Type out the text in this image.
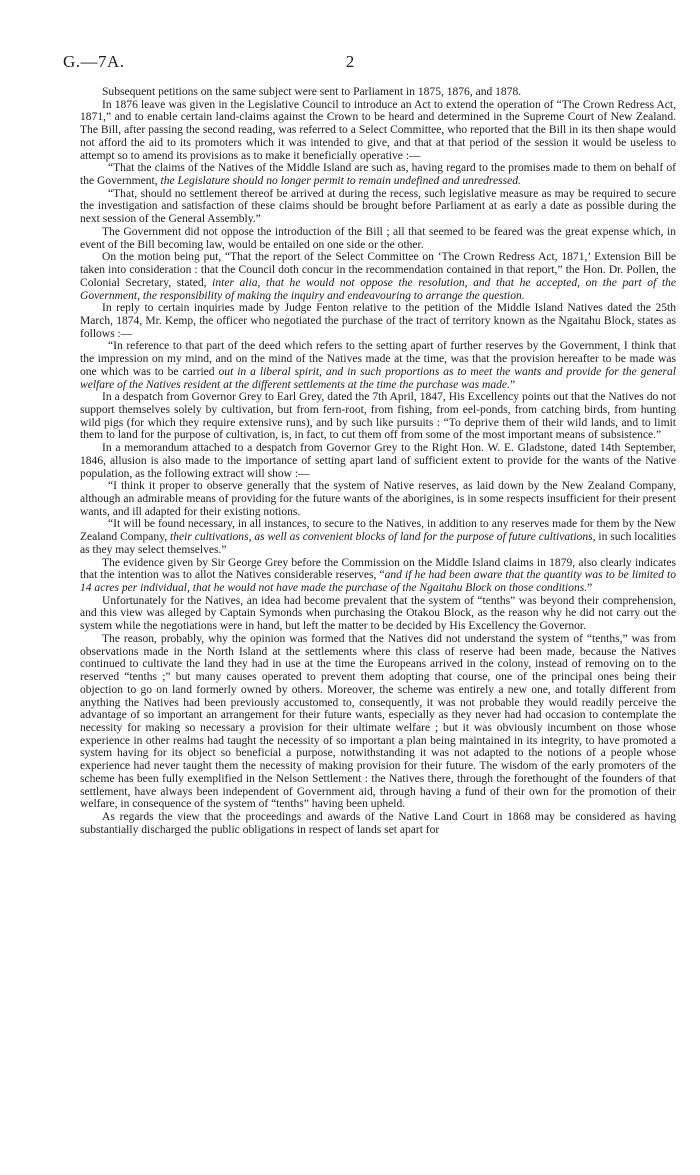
G.—7A.	2

Subsequent petitions on the same subject were sent to Parliament in 1875, 1876, and 1878.

In 1876 leave was given in the Legislative Council to introduce an Act to extend the operation of “The Crown Redress Act, 1871,” and to enable certain land-claims against the Crown to be heard and determined in the Supreme Court of New Zealand. The Bill, after passing the second reading, was referred to a Select Committee, who reported that the Bill in its then shape would not afford the aid to its promoters which it was intended to give, and that at that period of the session it would be useless to attempt so to amend its provisions as to make it beneficially operative :—

“That the claims of the Natives of the Middle Island are such as, having regard to the promises made to them on behalf of the Government, the Legislature should no longer permit to remain undefined and unredressed.

“That, should no settlement thereof be arrived at during the recess, such legislative measure as may be required to secure the investigation and satisfaction of these claims should be brought before Parliament at as early a date as possible during the next session of the General Assembly.”

The Government did not oppose the introduction of the Bill ; all that seemed to be feared was the great expense which, in event of the Bill becoming law, would be entailed on one side or the other.

On the motion being put, “That the report of the Select Committee on ‘The Crown Redress Act, 1871,’ Extension Bill be taken into consideration : that the Council doth concur in the recommendation contained in that report,” the Hon. Dr. Pollen, the Colonial Secretary, stated, inter alia, that he would not oppose the resolution, and that he accepted, on the part of the Government, the responsibility of making the inquiry and endeavouring to arrange the question.

In reply to certain inquiries made by Judge Fenton relative to the petition of the Middle Island Natives dated the 25th March, 1874, Mr. Kemp, the officer who negotiated the purchase of the tract of territory known as the Ngaitahu Block, states as follows :—

“In reference to that part of the deed which refers to the setting apart of further reserves by the Government, I think that the impression on my mind, and on the mind of the Natives made at the time, was that the provision hereafter to be made was one which was to be carried out in a liberal spirit, and in such proportions as to meet the wants and provide for the general welfare of the Natives resident at the different settlements at the time the purchase was made.”

In a despatch from Governor Grey to Earl Grey, dated the 7th April, 1847, His Excellency points out that the Natives do not support themselves solely by cultivation, but from fern-root, from fishing, from eel-ponds, from catching birds, from hunting wild pigs (for which they require extensive runs), and by such like pursuits : “To deprive them of their wild lands, and to limit them to land for the purpose of cultivation, is, in fact, to cut them off from some of the most important means of subsistence.”

In a memorandum attached to a despatch from Governor Grey to the Right Hon. W. E. Gladstone, dated 14th September, 1846, allusion is also made to the importance of setting apart land of sufficient extent to provide for the wants of the Native population, as the following extract will show :—

“I think it proper to observe generally that the system of Native reserves, as laid down by the New Zealand Company, although an admirable means of providing for the future wants of the aborigines, is in some respects insufficient for their present wants, and ill adapted for their existing notions.

“It will be found necessary, in all instances, to secure to the Natives, in addition to any reserves made for them by the New Zealand Company, their cultivations, as well as convenient blocks of land for the purpose of future cultivations, in such localities as they may select themselves.”

The evidence given by Sir George Grey before the Commission on the Middle Island claims in 1879, also clearly indicates that the intention was to allot the Natives considerable reserves, “and if he had been aware that the quantity was to be limited to 14 acres per individual, that he would not have made the purchase of the Ngaitahu Block on those conditions.”

Unfortunately for the Natives, an idea had become prevalent that the system of “tenths” was beyond their comprehension, and this view was alleged by Captain Symonds when purchasing the Otakou Block, as the reason why he did not carry out the system while the negotiations were in hand, but left the matter to be decided by His Excellency the Governor.

The reason, probably, why the opinion was formed that the Natives did not understand the system of “tenths,” was from observations made in the North Island at the settlements where this class of reserve had been made, because the Natives continued to cultivate the land they had in use at the time the Europeans arrived in the colony, instead of removing on to the reserved “tenths ;” but many causes operated to prevent them adopting that course, one of the principal ones being their objection to go on land formerly owned by others. Moreover, the scheme was entirely a new one, and totally different from anything the Natives had been previously accustomed to, consequently, it was not probable they would readily perceive the advantage of so important an arrangement for their future wants, especially as they never had had occasion to contemplate the necessity for making so necessary a provision for their ultimate welfare ; but it was obviously incumbent on those whose experience in other realms had taught the necessity of so important a plan being maintained in its integrity, to have promoted a system having for its object so beneficial a purpose, notwithstanding it was not adapted to the notions of a people whose experience had never taught them the necessity of making provision for their future. The wisdom of the early promoters of the scheme has been fully exemplified in the Nelson Settlement : the Natives there, through the forethought of the founders of that settlement, have always been independent of Government aid, through having a fund of their own for the promotion of their welfare, in consequence of the system of “tenths” having been upheld.

As regards the view that the proceedings and awards of the Native Land Court in 1868 may be considered as having substantially discharged the public obligations in respect of lands set apart for
